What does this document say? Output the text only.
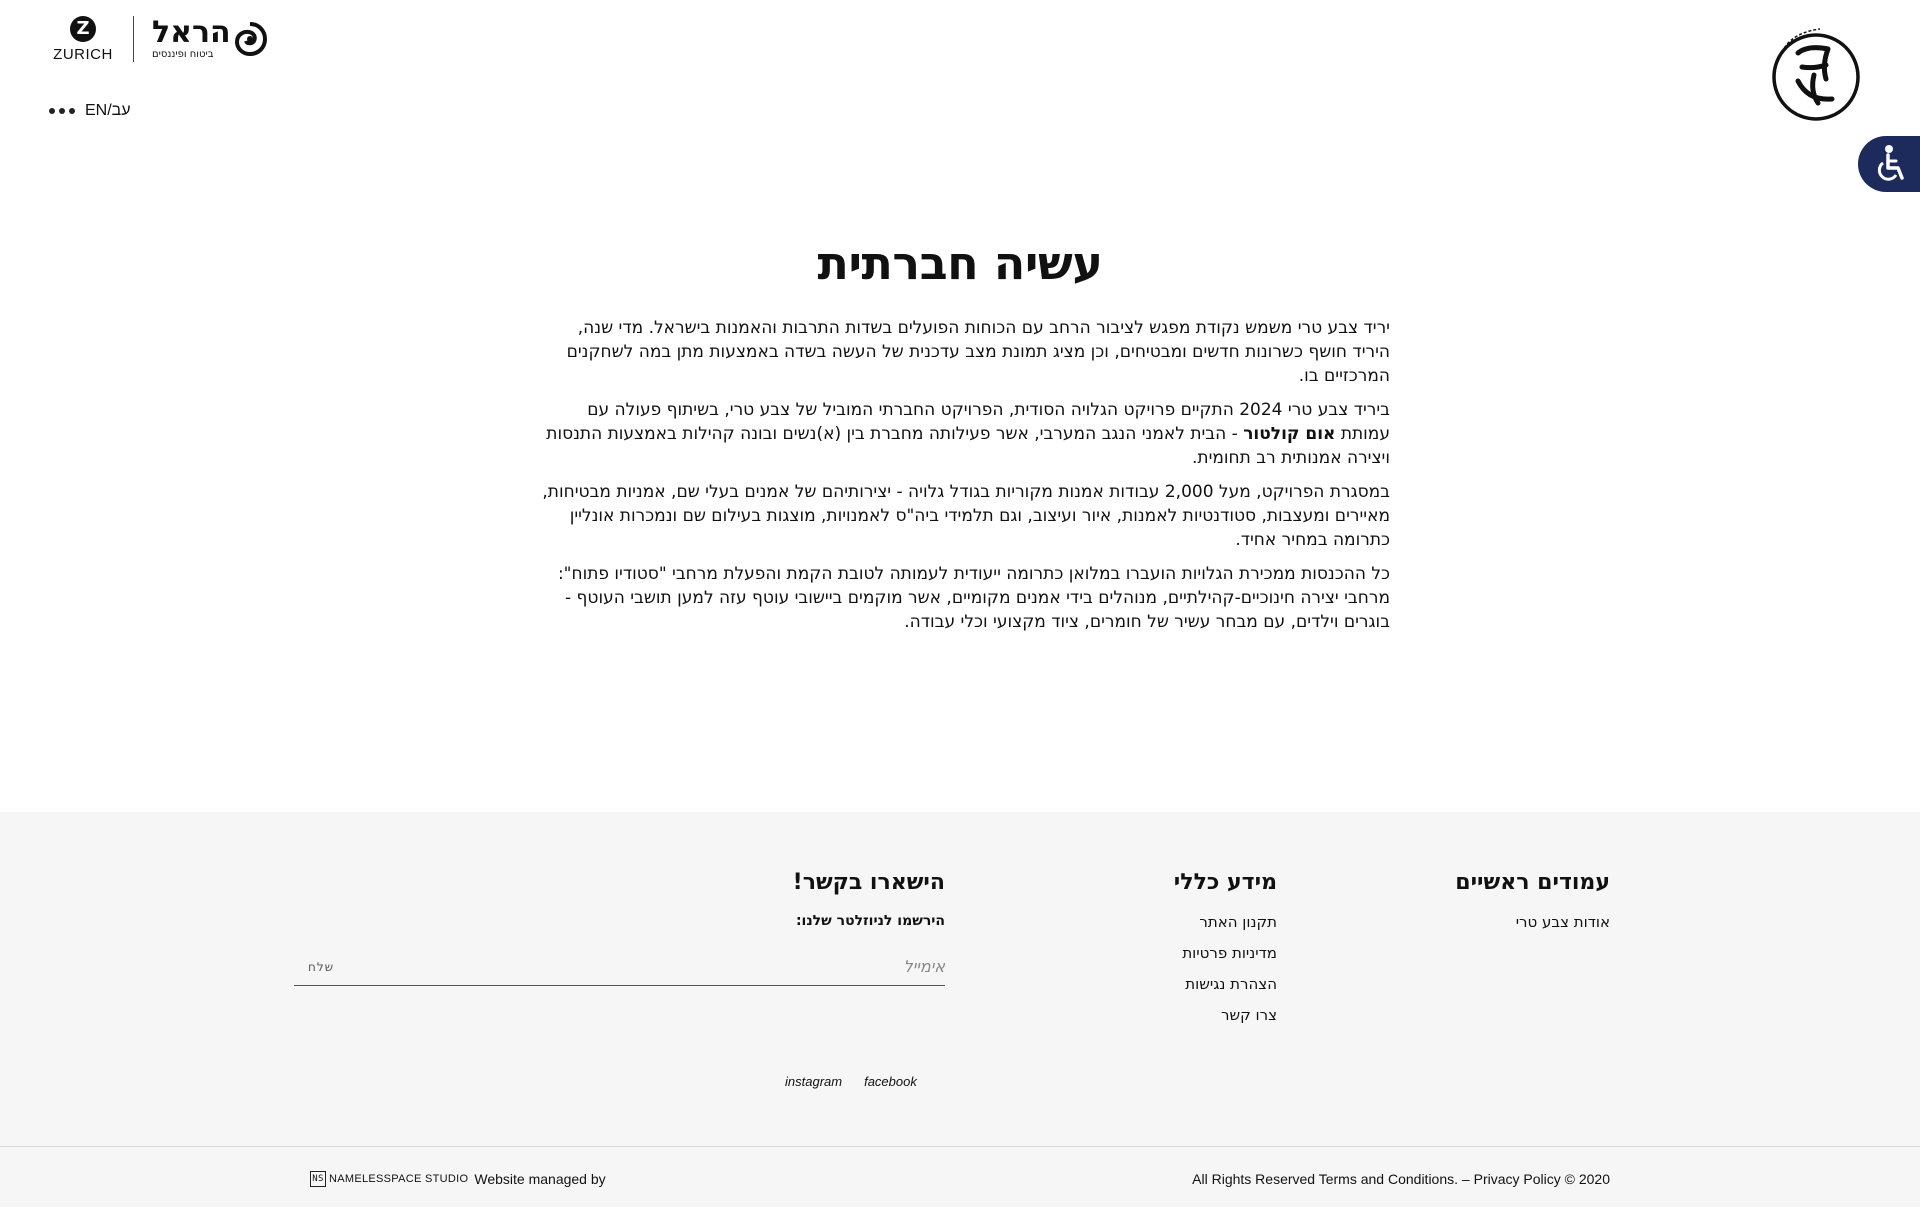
Z
ZURICH
הראל
ביטוח ופיננסים
EN/עב
עשיה חברתית

יריד צבע טרי משמש נקודת מפגש לציבור הרחב עם הכוחות הפועלים בשדות התרבות והאמנות בישראל. מדי שנה, היריד חושף כשרונות חדשים ומבטיחים, וכן מציג תמונת מצב עדכנית של העשה בשדה באמצעות מתן במה לשחקנים המרכזיים בו.

ביריד צבע טרי 2024 התקיים פרויקט הגלויה הסודית, הפרויקט החברתי המוביל של צבע טרי, בשיתוף פעולה עם עמותת אום קולטור - הבית לאמני הנגב המערבי, אשר פעילותה מחברת בין (א)נשים ובונה קהילות באמצעות התנסות ויצירה אמנותית רב תחומית.

במסגרת הפרויקט, מעל 2,000 עבודות אמנות מקוריות בגודל גלויה - יצירותיהם של אמנים בעלי שם, אמניות מבטיחות, מאיירים ומעצבות, סטודנטיות לאמנות, איור ועיצוב, וגם תלמידי ביה"ס לאמנויות, מוצגות בעילום שם ונמכרות אונליין כתרומה במחיר אחיד.

כל ההכנסות ממכירת הגלויות הועברו במלואן כתרומה ייעודית לעמותה לטובת הקמת והפעלת מרחבי "סטודיו פתוח": מרחבי יצירה חינוכיים-קהילתיים, מנוהלים בידי אמנים מקומיים, אשר מוקמים ביישובי עוטף עזה למען תושבי העוטף - בוגרים וילדים, עם מבחר עשיר של חומרים, ציוד מקצועי וכלי עבודה.

עמודים ראשיים
אודות צבע טרי
מידע כללי
תקנון האתר
מדיניות פרטיות
הצהרת נגישות
צרו קשר
הישארו בקשר!

הירשמו לניוזלטר שלנו:

אימייל
שלח
instagram facebook
All Rights Reserved Terms and Conditions. – Privacy Policy © 2020
NS NAMELESSPACE STUDIO Website managed by
